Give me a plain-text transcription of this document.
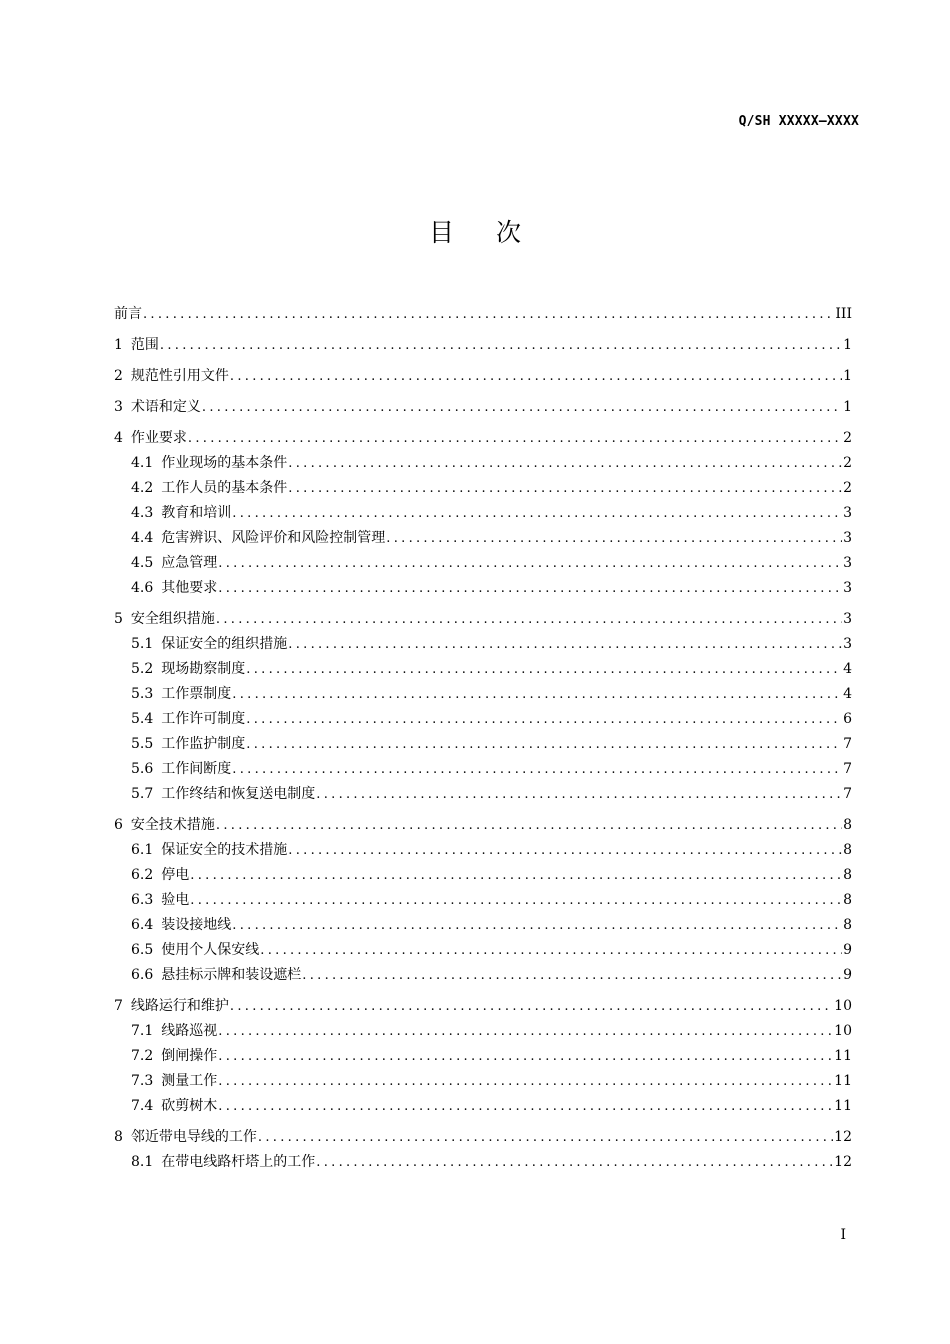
Q/SH XXXXX—XXXX
目次
前言 .....	III
1 范围 .....	1
2 规范性引用文件 .....	1
3 术语和定义 .....	1
4 作业要求 .....	2
4.1 作业现场的基本条件 .....	2
4.2 工作人员的基本条件 .....	2
4.3 教育和培训 .....	3
4.4 危害辨识、风险评价和风险控制管理 .....	3
4.5 应急管理 .....	3
4.6 其他要求 .....	3
5 安全组织措施 .....	3
5.1 保证安全的组织措施 .....	3
5.2 现场勘察制度 .....	4
5.3 工作票制度 .....	4
5.4 工作许可制度 .....	6
5.5 工作监护制度 .....	7
5.6 工作间断度 .....	7
5.7 工作终结和恢复送电制度 .....	7
6 安全技术措施 .....	8
6.1 保证安全的技术措施 .....	8
6.2 停电 .....	8
6.3 验电 .....	8
6.4 装设接地线 .....	8
6.5 使用个人保安线 .....	9
6.6 悬挂标示牌和装设遮栏 .....	9
7 线路运行和维护 .....	10
7.1 线路巡视 .....	10
7.2 倒闸操作 .....	11
7.3 测量工作 .....	11
7.4 砍剪树木 .....	11
8 邻近带电导线的工作 .....	12
8.1 在带电线路杆塔上的工作 .....	12
I
